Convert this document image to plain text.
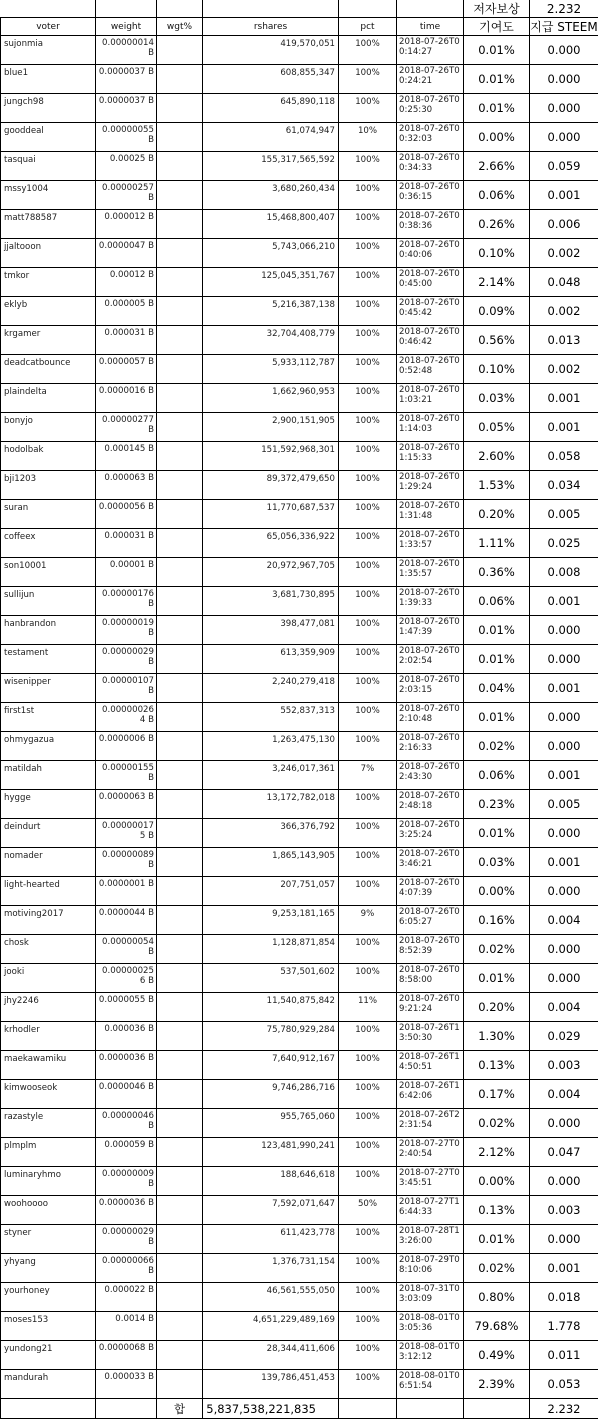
						저자보상	2.232
voter	weight	wgt%	rshares	pct	time	기여도	지급 STEEM
sujonmia	0.00000014 B		419,570,051	100%	2018-07-26T00:14:27	0.01%	0.000
blue1	0.0000037 B		608,855,347	100%	2018-07-26T00:24:21	0.01%	0.000
jungch98	0.0000037 B		645,890,118	100%	2018-07-26T00:25:30	0.01%	0.000
gooddeal	0.00000055 B		61,074,947	10%	2018-07-26T00:32:03	0.00%	0.000
tasquai	0.00025 B		155,317,565,592	100%	2018-07-26T00:34:33	2.66%	0.059
mssy1004	0.00000257 B		3,680,260,434	100%	2018-07-26T00:36:15	0.06%	0.001
matt788587	0.000012 B		15,468,800,407	100%	2018-07-26T00:38:36	0.26%	0.006
jjaltooon	0.0000047 B		5,743,066,210	100%	2018-07-26T00:40:06	0.10%	0.002
tmkor	0.00012 B		125,045,351,767	100%	2018-07-26T00:45:00	2.14%	0.048
eklyb	0.000005 B		5,216,387,138	100%	2018-07-26T00:45:42	0.09%	0.002
krgamer	0.000031 B		32,704,408,779	100%	2018-07-26T00:46:42	0.56%	0.013
deadcatbounce	0.0000057 B		5,933,112,787	100%	2018-07-26T00:52:48	0.10%	0.002
plaindelta	0.0000016 B		1,662,960,953	100%	2018-07-26T01:03:21	0.03%	0.001
bonyjo	0.00000277 B		2,900,151,905	100%	2018-07-26T01:14:03	0.05%	0.001
hodolbak	0.000145 B		151,592,968,301	100%	2018-07-26T01:15:33	2.60%	0.058
bji1203	0.000063 B		89,372,479,650	100%	2018-07-26T01:29:24	1.53%	0.034
suran	0.0000056 B		11,770,687,537	100%	2018-07-26T01:31:48	0.20%	0.005
coffeex	0.000031 B		65,056,336,922	100%	2018-07-26T01:33:57	1.11%	0.025
son10001	0.00001 B		20,972,967,705	100%	2018-07-26T01:35:57	0.36%	0.008
sullijun	0.00000176 B		3,681,730,895	100%	2018-07-26T01:39:33	0.06%	0.001
hanbrandon	0.00000019 B		398,477,081	100%	2018-07-26T01:47:39	0.01%	0.000
testament	0.00000029 B		613,359,909	100%	2018-07-26T02:02:54	0.01%	0.000
wisenipper	0.00000107 B		2,240,279,418	100%	2018-07-26T02:03:15	0.04%	0.001
first1st	0.00000026 4 B		552,837,313	100%	2018-07-26T02:10:48	0.01%	0.000
ohmygazua	0.0000006 B		1,263,475,130	100%	2018-07-26T02:16:33	0.02%	0.000
matildah	0.00000155 B		3,246,017,361	7%	2018-07-26T02:43:30	0.06%	0.001
hygge	0.0000063 B		13,172,782,018	100%	2018-07-26T02:48:18	0.23%	0.005
deindurt	0.00000017 5 B		366,376,792	100%	2018-07-26T03:25:24	0.01%	0.000
nomader	0.00000089 B		1,865,143,905	100%	2018-07-26T03:46:21	0.03%	0.001
light-hearted	0.0000001 B		207,751,057	100%	2018-07-26T04:07:39	0.00%	0.000
motiving2017	0.0000044 B		9,253,181,165	9%	2018-07-26T06:05:27	0.16%	0.004
chosk	0.00000054 B		1,128,871,854	100%	2018-07-26T08:52:39	0.02%	0.000
jooki	0.00000025 6 B		537,501,602	100%	2018-07-26T08:58:00	0.01%	0.000
jhy2246	0.0000055 B		11,540,875,842	11%	2018-07-26T09:21:24	0.20%	0.004
krhodler	0.000036 B		75,780,929,284	100%	2018-07-26T13:50:30	1.30%	0.029
maekawamiku	0.0000036 B		7,640,912,167	100%	2018-07-26T14:50:51	0.13%	0.003
kimwooseok	0.0000046 B		9,746,286,716	100%	2018-07-26T16:42:06	0.17%	0.004
razastyle	0.00000046 B		955,765,060	100%	2018-07-26T22:31:54	0.02%	0.000
plmplm	0.000059 B		123,481,990,241	100%	2018-07-27T02:40:54	2.12%	0.047
luminaryhmo	0.00000009 B		188,646,618	100%	2018-07-27T03:45:51	0.00%	0.000
woohoooo	0.0000036 B		7,592,071,647	50%	2018-07-27T16:44:33	0.13%	0.003
styner	0.00000029 B		611,423,778	100%	2018-07-28T13:26:00	0.01%	0.000
yhyang	0.00000066 B		1,376,731,154	100%	2018-07-29T08:10:06	0.02%	0.001
yourhoney	0.000022 B		46,561,555,050	100%	2018-07-31T03:03:09	0.80%	0.018
moses153	0.0014 B		4,651,229,489,169	100%	2018-08-01T03:05:36	79.68%	1.778
yundong21	0.0000068 B		28,344,411,606	100%	2018-08-01T03:12:12	0.49%	0.011
mandurah	0.000033 B		139,786,451,453	100%	2018-08-01T06:51:54	2.39%	0.053
		합	5,837,538,221,835				2.232
